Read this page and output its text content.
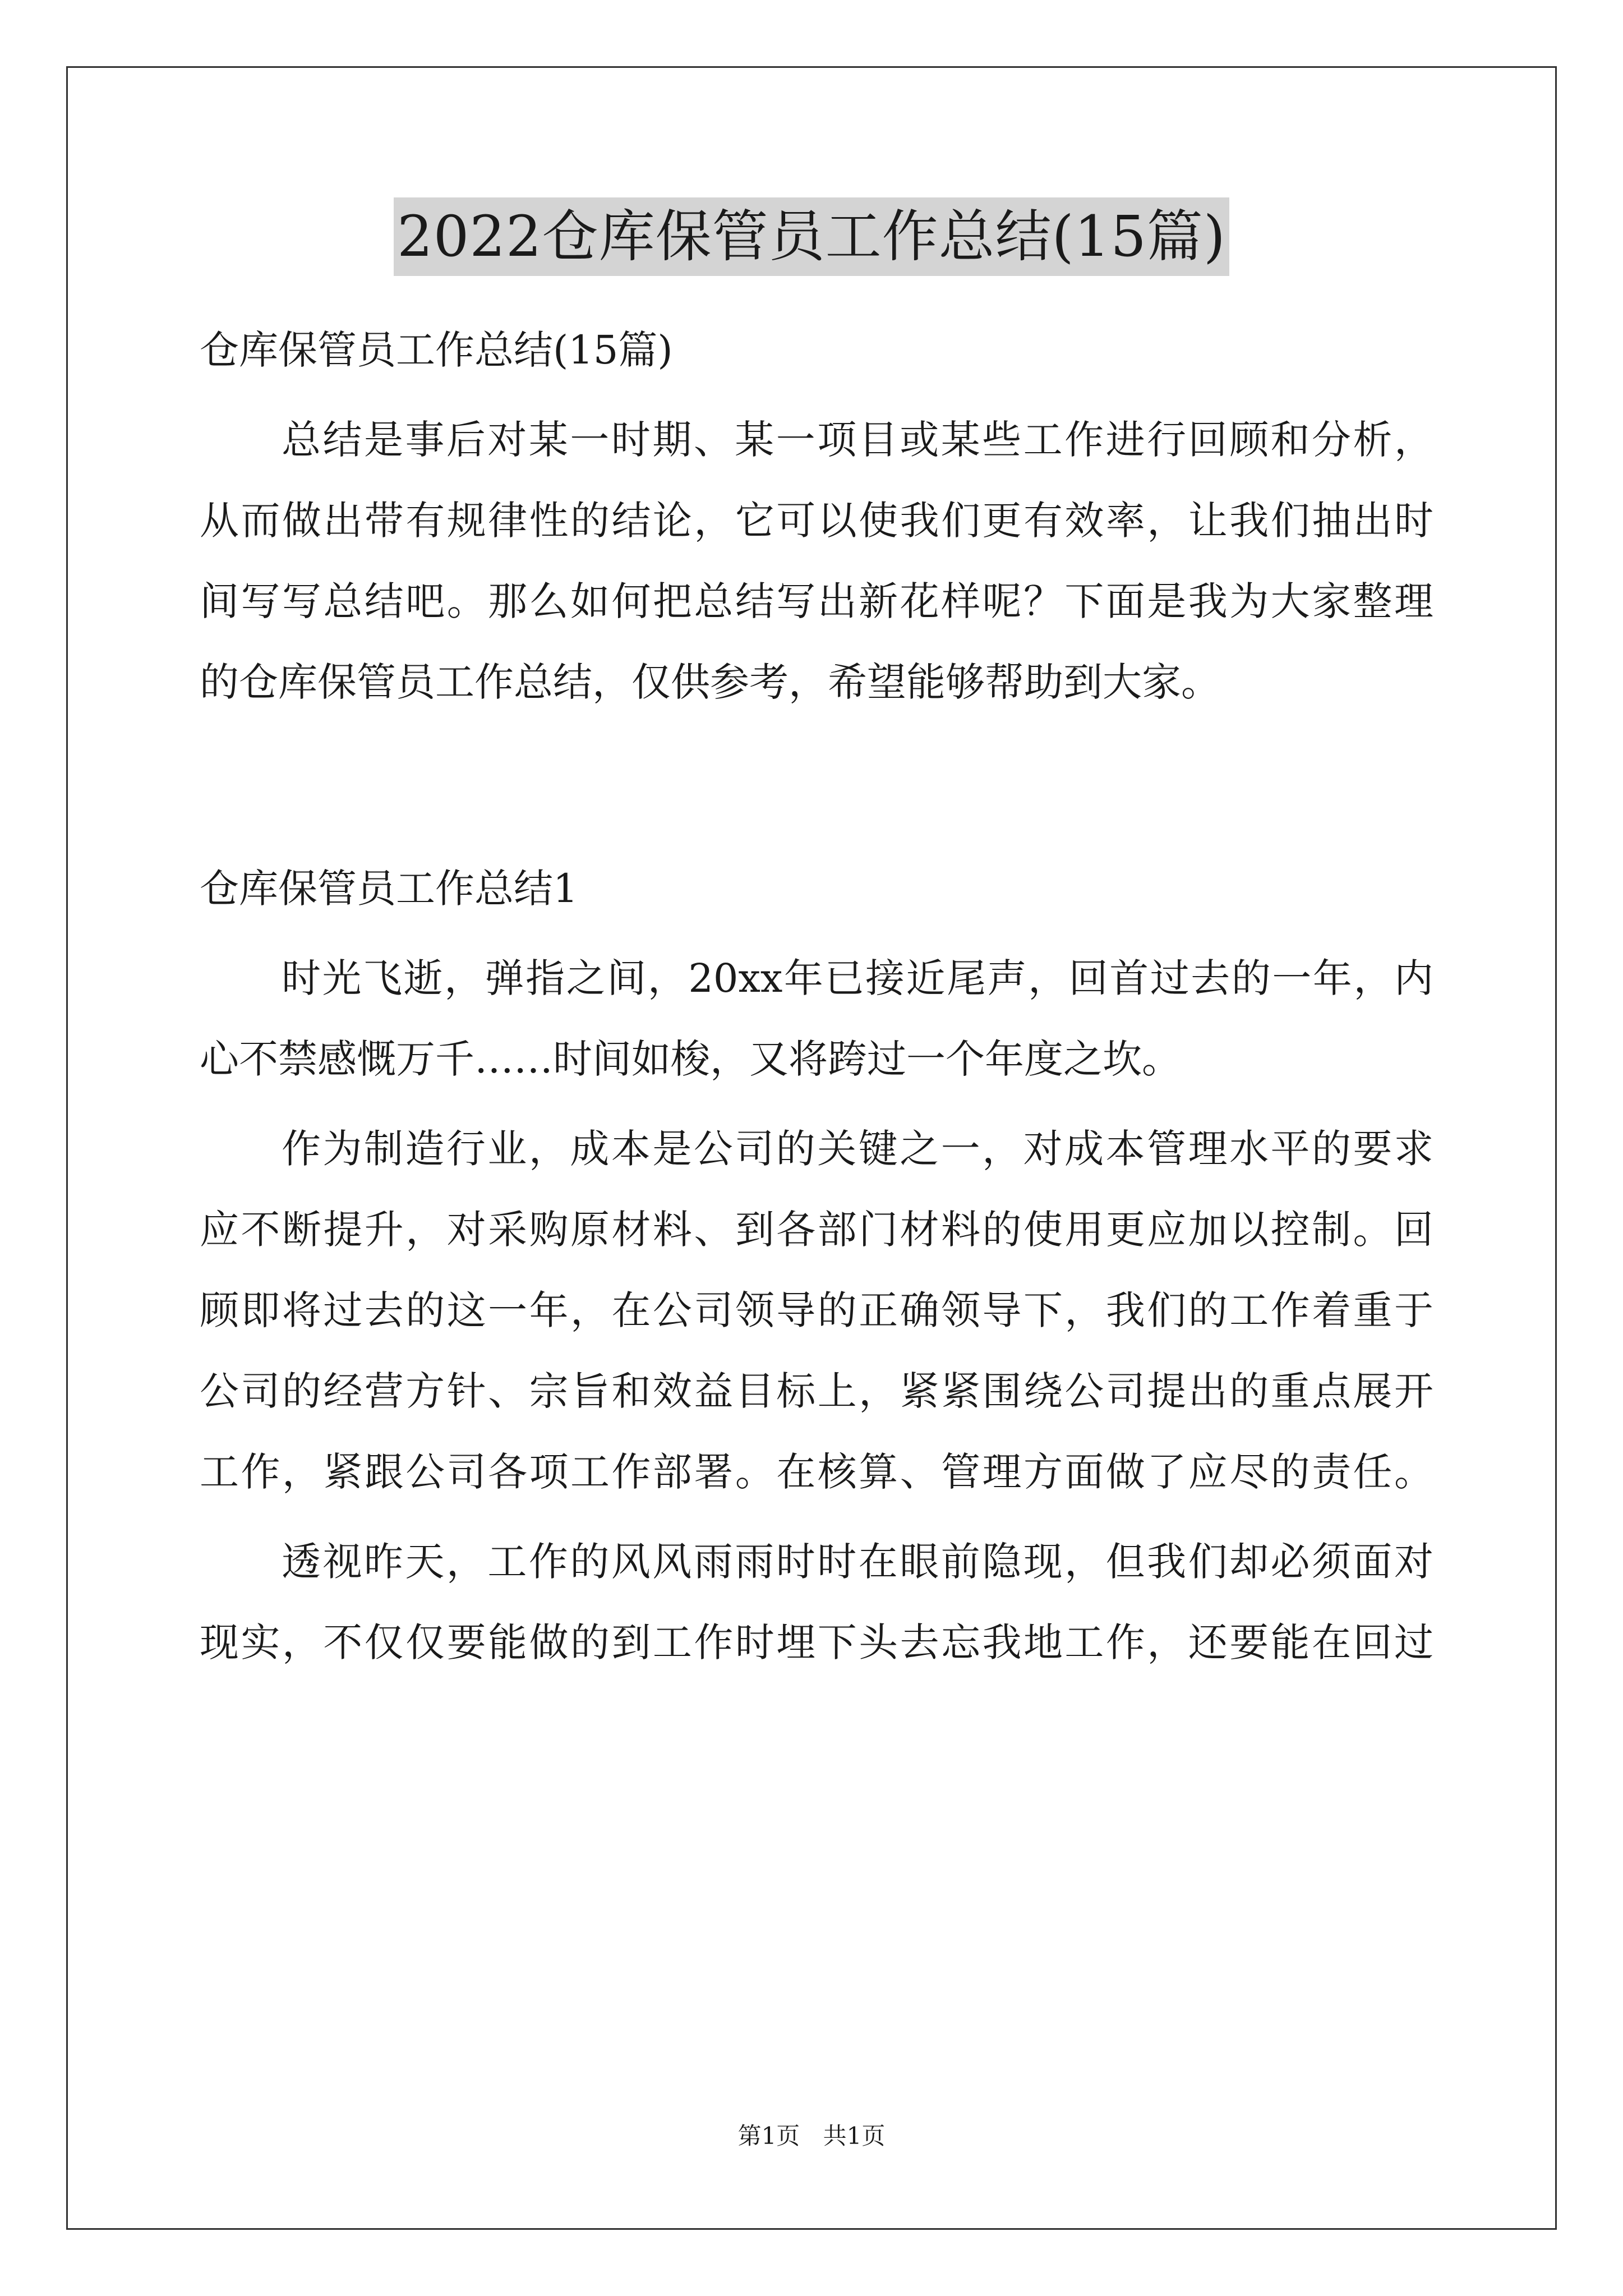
2022仓库保管员工作总结(15篇)
仓库保管员工作总结(15篇)
总结是事后对某一时期、某一项目或某些工作进行回顾和分析，
从而做出带有规律性的结论，它可以使我们更有效率，让我们抽出时
间写写总结吧。那么如何把总结写出新花样呢？下面是我为大家整理
的仓库保管员工作总结，仅供参考，希望能够帮助到大家。
仓库保管员工作总结1
时光飞逝，弹指之间，20xx年已接近尾声，回首过去的一年，内
心不禁感慨万千……时间如梭，又将跨过一个年度之坎。
作为制造行业，成本是公司的关键之一，对成本管理水平的要求
应不断提升，对采购原材料、到各部门材料的使用更应加以控制。回
顾即将过去的这一年，在公司领导的正确领导下，我们的工作着重于
公司的经营方针、宗旨和效益目标上，紧紧围绕公司提出的重点展开
工作，紧跟公司各项工作部署。在核算、管理方面做了应尽的责任。
透视昨天，工作的风风雨雨时时在眼前隐现，但我们却必须面对
现实，不仅仅要能做的到工作时埋下头去忘我地工作，还要能在回过
第1页 共1页
